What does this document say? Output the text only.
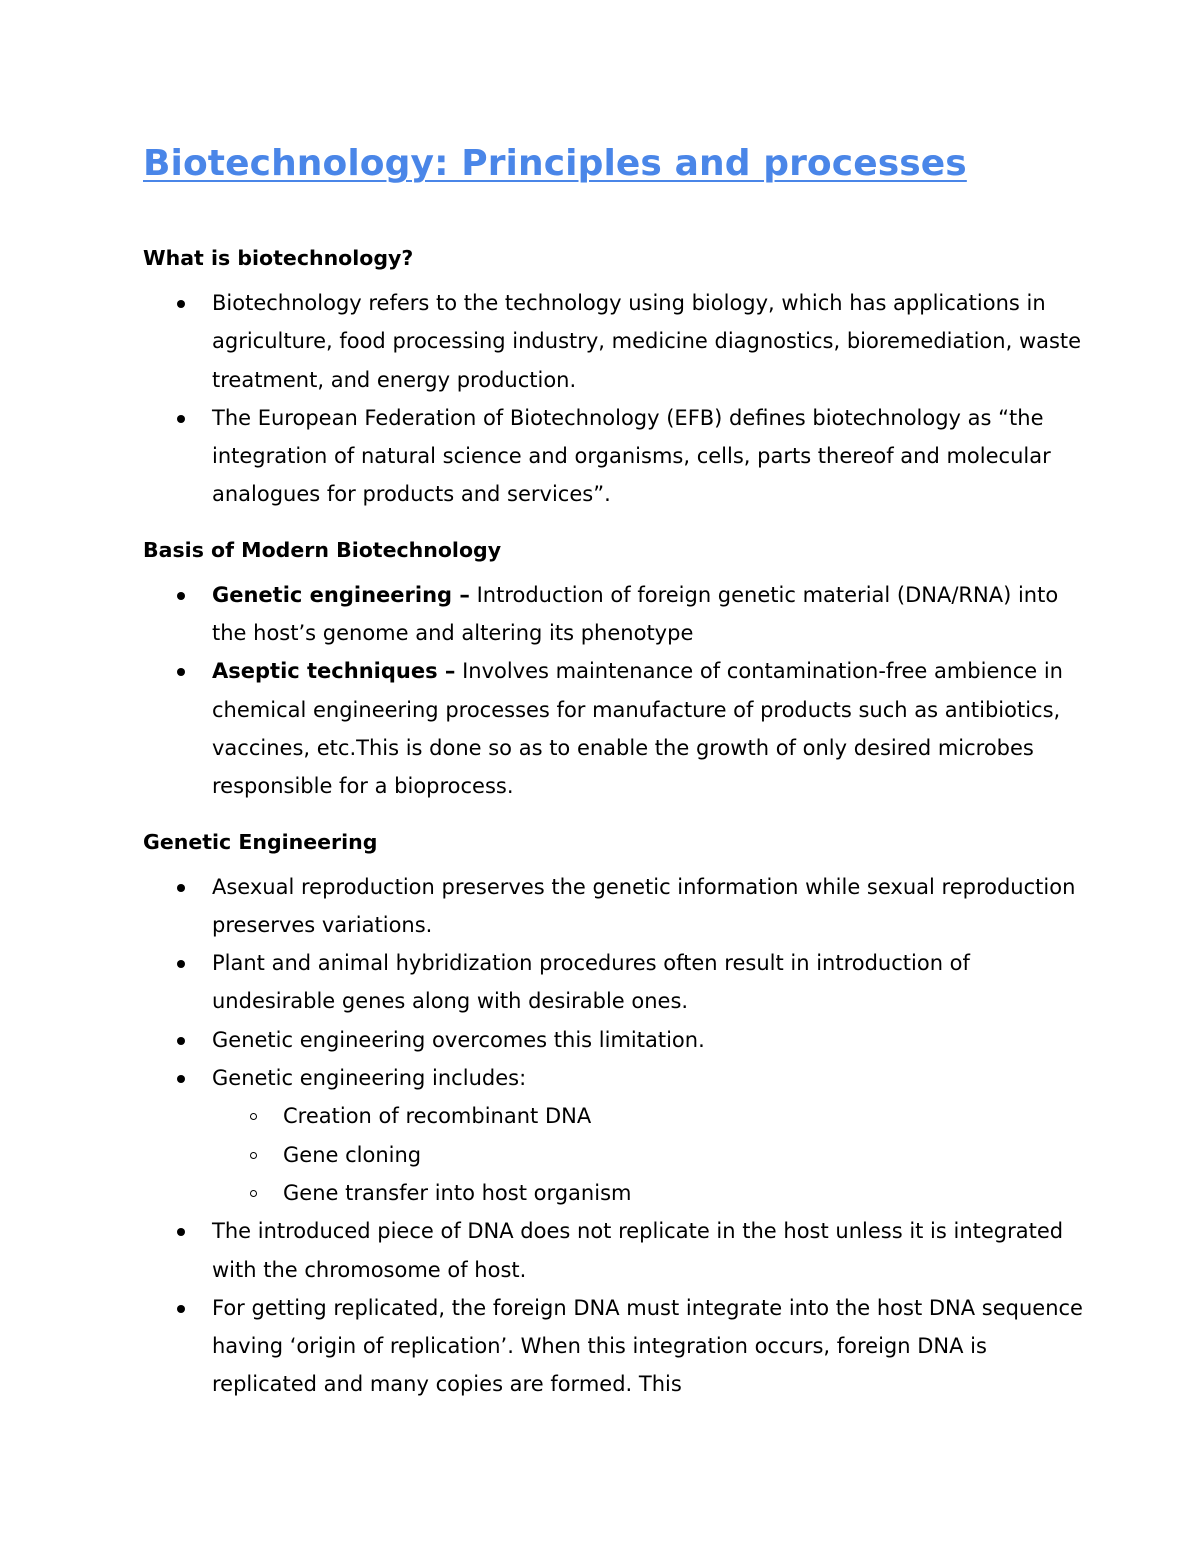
Biotechnology: Principles and processes
What is biotechnology?
Biotechnology refers to the technology using biology, which has applications in agriculture, food processing industry, medicine diagnostics, bioremediation, waste treatment, and energy production.
The European Federation of Biotechnology (EFB) defines biotechnology as “the integration of natural science and organisms, cells, parts thereof and molecular analogues for products and services”.
Basis of Modern Biotechnology
Genetic engineering – Introduction of foreign genetic material (DNA/RNA) into the host’s genome and altering its phenotype
Aseptic techniques – Involves maintenance of contamination-free ambience in chemical engineering processes for manufacture of products such as antibiotics, vaccines, etc.This is done so as to enable the growth of only desired microbes responsible for a bioprocess.
Genetic Engineering
Asexual reproduction preserves the genetic information while sexual reproduction preserves variations.
Plant and animal hybridization procedures often result in introduction of undesirable genes along with desirable ones.
Genetic engineering overcomes this limitation.
Genetic engineering includes:
Creation of recombinant DNA
Gene cloning
Gene transfer into host organism
The introduced piece of DNA does not replicate in the host unless it is integrated with the chromosome of host.
For getting replicated, the foreign DNA must integrate into the host DNA sequence having ‘origin of replication’. When this integration occurs, foreign DNA is replicated and many copies are formed. This
